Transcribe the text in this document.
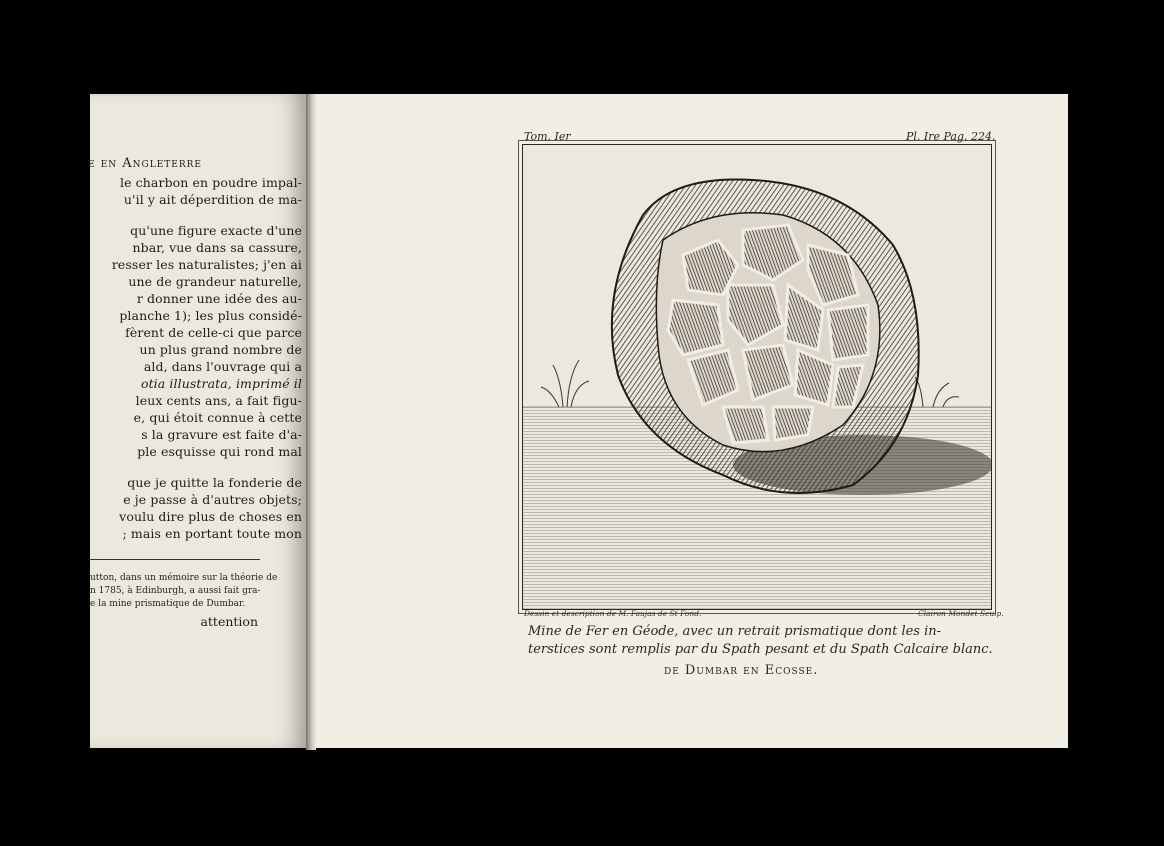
e en Angleterre
le charbon en poudre impal-
u'il y ait déperdition de ma-
qu'une figure exacte d'une
nbar, vue dans sa cassure,
resser les naturalistes; j'en ai
une de grandeur naturelle,
r donner une idée des au-
planche 1); les plus considé-
fèrent de celle-ci que parce
un plus grand nombre de
ald, dans l'ouvrage qui a
otia illustrata, imprimé il
leux cents ans, a fait figu-
e, qui étoit connue à cette
s la gravure est faite d'a-
ple esquisse qui rond mal
que je quitte la fonderie de
e je passe à d'autres objets;
voulu dire plus de choses en
; mais en portant toute mon
utton, dans un mémoire sur la théorie de
n 1785, à Edinburgh, a aussi fait gra-
e la mine prismatique de Dumbar.
attention
Tom. Ier	Pl. Ire Pag. 224.
Dessin et description de M. Faujas de St Fond.	Clairon Mondet Sculp.
Mine de Fer en Géode, avec un retrait prismatique dont les in-
terstices sont remplis par du Spath pesant et du Spath Calcaire blanc.
de Dumbar en Ecosse.
